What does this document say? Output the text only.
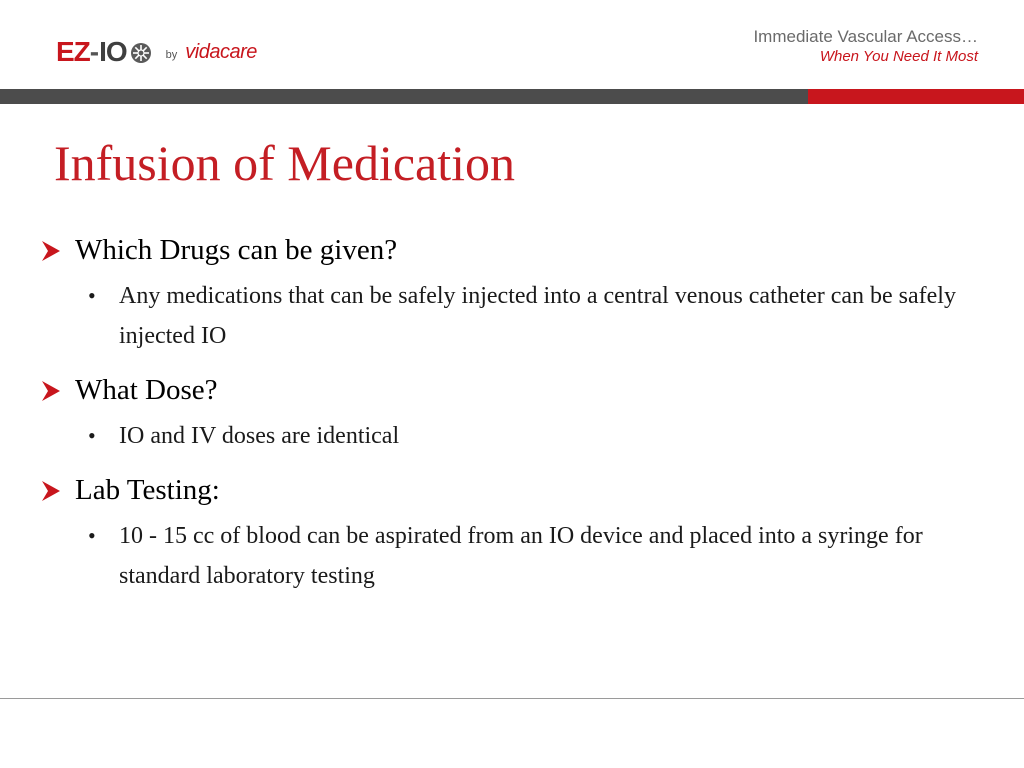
EZ - IO	by vidacare
Immediate Vascular Access…
When You Need It Most
Infusion of Medication
Which Drugs can be given?
• Any medications that can be safely injected into a central venous catheter can be safely injected IO
What Dose?
• IO and IV doses are identical
Lab Testing:
• 10 - 15 cc of blood can be aspirated from an IO device and placed into a syringe for standard laboratory testing
